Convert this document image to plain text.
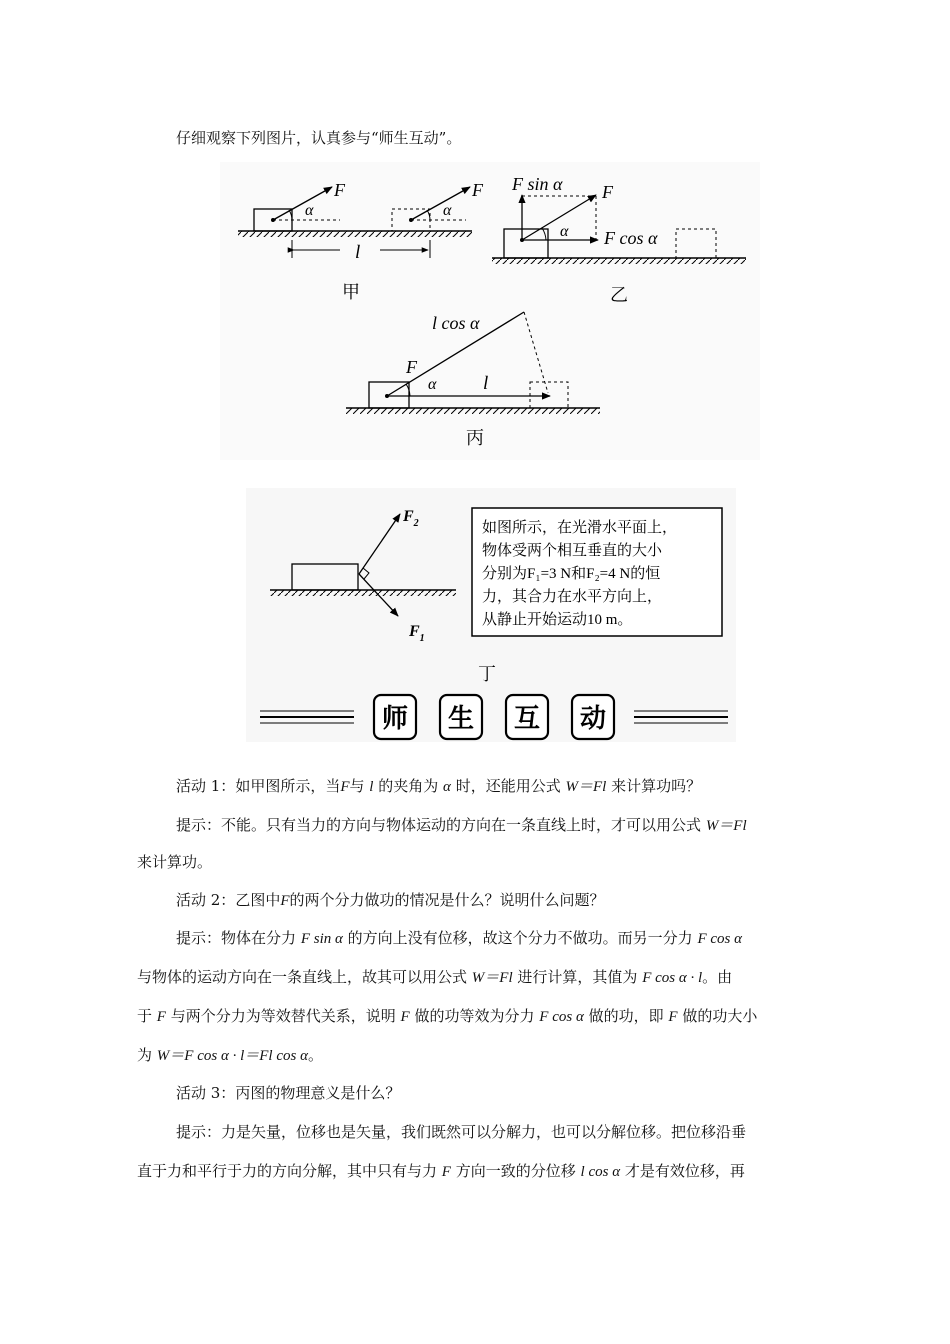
仔细观察下列图片，认真参与“师生互动”。
F
α
F
α
l
甲
F sin α F
F cos α
α
乙
l cos α
F
α l
丙
$F_2$
$F_1$
如图所示，在光滑水平面上，
物体受两个相互垂直的大小
分别为F₁=3 N和F₂=4 N的恒
力，其合力在水平方向上，
从静止开始运动10 m。
丁
师 生 互 动
活动 1：如甲图所示，当F与 l 的夹角为 α 时，还能用公式 W＝Fl 来计算功吗？
提示：不能。只有当力的方向与物体运动的方向在一条直线上时，才可以用公式 W＝Fl
来计算功。
活动 2：乙图中F的两个分力做功的情况是什么？说明什么问题？
提示：物体在分力 F sin α 的方向上没有位移，故这个分力不做功。而另一分力 F cos α
与物体的运动方向在一条直线上，故其可以用公式 W＝Fl 进行计算，其值为 F cos α · l。由
于 F 与两个分力为等效替代关系，说明 F 做的功等效为分力 F cos α 做的功，即 F 做的功大小
为 W＝F cos α · l＝Fl cos α。
活动 3：丙图的物理意义是什么？
提示：力是矢量，位移也是矢量，我们既然可以分解力，也可以分解位移。把位移沿垂
直于力和平行于力的方向分解，其中只有与力 F 方向一致的分位移 l cos α 才是有效位移，再
